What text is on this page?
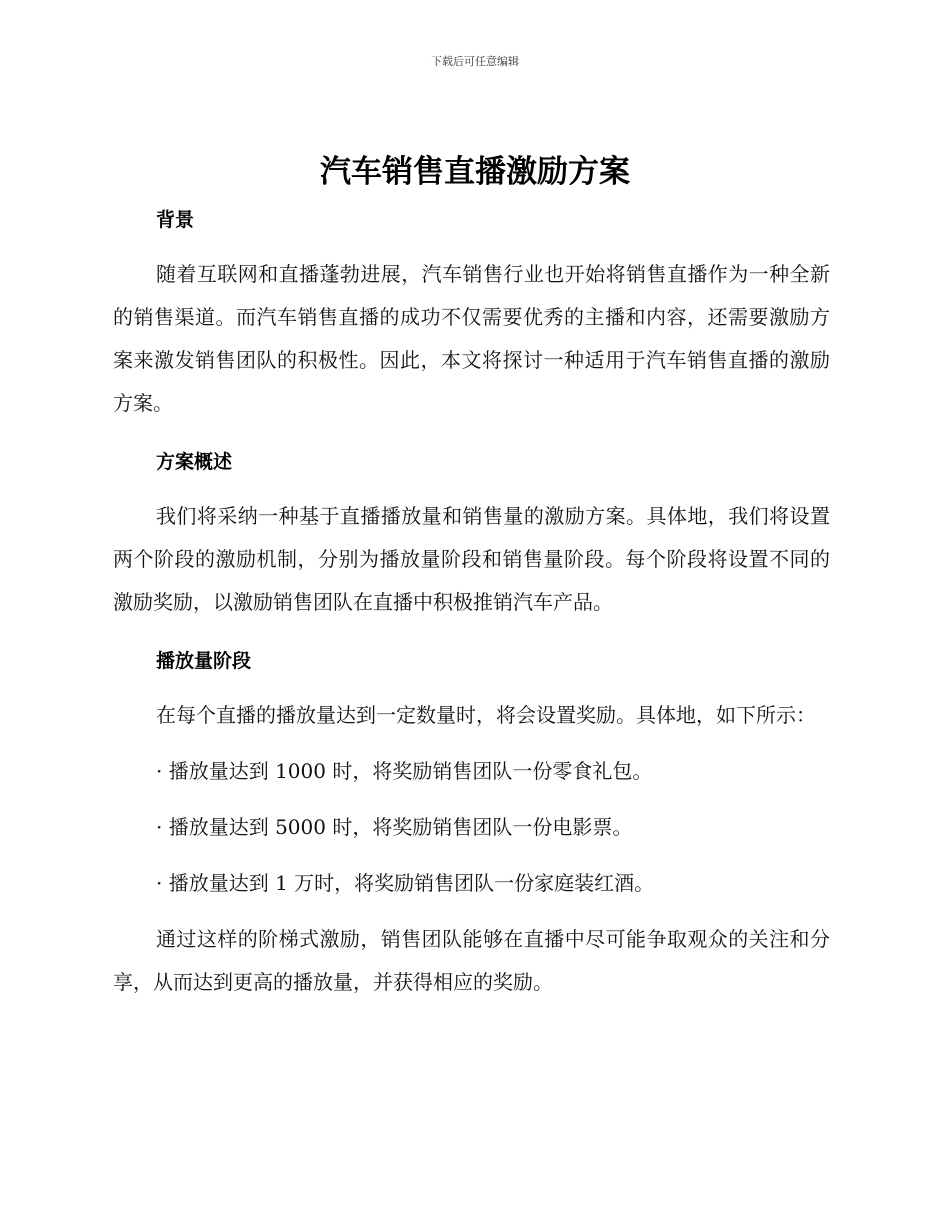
下载后可任意编辑
汽车销售直播激励方案
背景

随着互联网和直播蓬勃进展，汽车销售行业也开始将销售直播作为一种全新的销售渠道。而汽车销售直播的成功不仅需要优秀的主播和内容，还需要激励方案来激发销售团队的积极性。因此，本文将探讨一种适用于汽车销售直播的激励方案。

方案概述

我们将采纳一种基于直播播放量和销售量的激励方案。具体地，我们将设置两个阶段的激励机制，分别为播放量阶段和销售量阶段。每个阶段将设置不同的激励奖励，以激励销售团队在直播中积极推销汽车产品。

播放量阶段

在每个直播的播放量达到一定数量时，将会设置奖励。具体地，如下所示：

· 播放量达到 1000 时，将奖励销售团队一份零食礼包。

· 播放量达到 5000 时，将奖励销售团队一份电影票。

· 播放量达到 1 万时，将奖励销售团队一份家庭装红酒。

通过这样的阶梯式激励，销售团队能够在直播中尽可能争取观众的关注和分享，从而达到更高的播放量，并获得相应的奖励。
